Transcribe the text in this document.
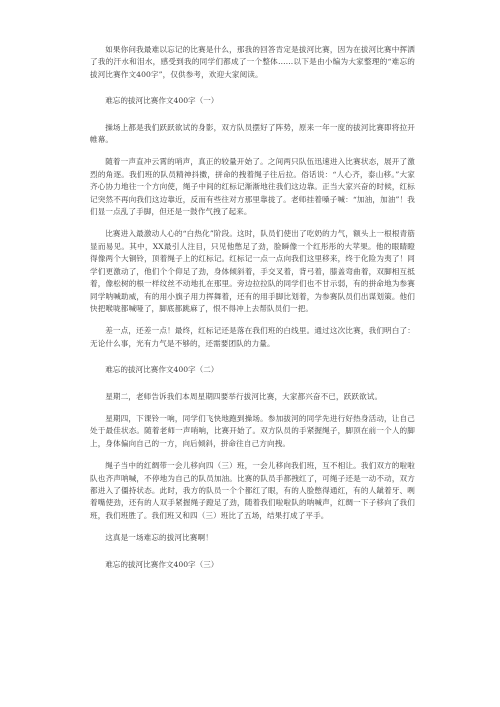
如果你问我最难以忘记的比赛是什么，那我的回答肯定是拔河比赛，因为在拔河比赛中挥洒了我的汗水和泪水，感受到我的同学们都成了一个整体……以下是由小编为大家整理的“难忘的拔河比赛作文400字”，仅供参考，欢迎大家阅读。

难忘的拔河比赛作文400字（一）

操场上都是我们跃跃欲试的身影，双方队员摆好了阵势，原来一年一度的拔河比赛即将拉开帷幕。

随着一声直冲云霄的哨声，真正的较量开始了。之间两只队伍迅速进入比赛状态，展开了激烈的角逐。我们班的队员精神抖擞，拼命的拽着绳子往后拉。俗话说：“人心齐，泰山移。”大家齐心协力地往一个方向使，绳子中间的红标记渐渐地往我们这边靠。正当大家兴奋的时候，红标记突然不再向我们这边靠近，反而有些往对方那里靠拢了。老师挂着嗓子喊：“加油，加油”！我们显一点乱了手脚，但还是一鼓作气拽了起来。

比赛进入最激动人心的“白热化”阶段。这时，队员们使出了吃奶的力气，额头上一根根青筋显而易见。其中，XX最引人注目，只见他憋足了劲，脸瞬像一个红彤彤的大苹果。他的眼睛瞪得像两个大铜铃，顶着绳子上的红标记。红标记一点一点向我们这里移来，终于化险为夷了！同学们更激动了，他们个个仰足了劲，身体倾斜着，手交叉着，背弓着，膝盖弯曲着，双脚相互抵着，像松树的根一样纹丝不动地扎在那里。旁边拉拉队的同学们也不甘示弱，有的拼命地为参赛同学呐喊助威，有的用小旗子用力挥舞着，还有的用手脚比划着，为参赛队员们出谋划策。他们快把喉咙都喊哑了，脚底都跳麻了，恨不得冲上去帮队员们一把。

差一点，还差一点！最终，红标记还是落在我们班的白线里。通过这次比赛，我们明白了：无论什么事，光有力气是不够的，还需要团队的力量。

难忘的拔河比赛作文400字（二）

星期二，老师告诉我们本周星期四要举行拔河比赛，大家都兴奋不已，跃跃欲试。

星期四，下课铃一响，同学们飞快地跑到操场。参加拔河的同学先进行好热身活动，让自己处于最佳状态。随着老师一声哨响，比赛开始了。双方队员的手紧握绳子，脚顶在前一个人的脚上，身体偏向自己的一方，向后倾斜，拼命往自己方向拽。

绳子当中的红绸带一会儿移向四（三）班，一会儿移向我们班，互不相让。我们双方的啦啦队也齐声呐喊，不停地为自己的队员加油。比赛的队员手都拽红了，可绳子还是一动不动，双方都进入了僵持状态。此时，我方的队员一个个都红了眼，有的人脸憋得通红，有的人龇着牙、咧着嘴使劲，还有的人双手紧握绳子蹬足了劲，随着我们啦啦队的呐喊声，红绸一下子移向了我们班，我们班胜了。我们班又和四（三）班比了五场，结果打成了平手。

这真是一场难忘的拔河比赛啊！

难忘的拔河比赛作文400字（三）
